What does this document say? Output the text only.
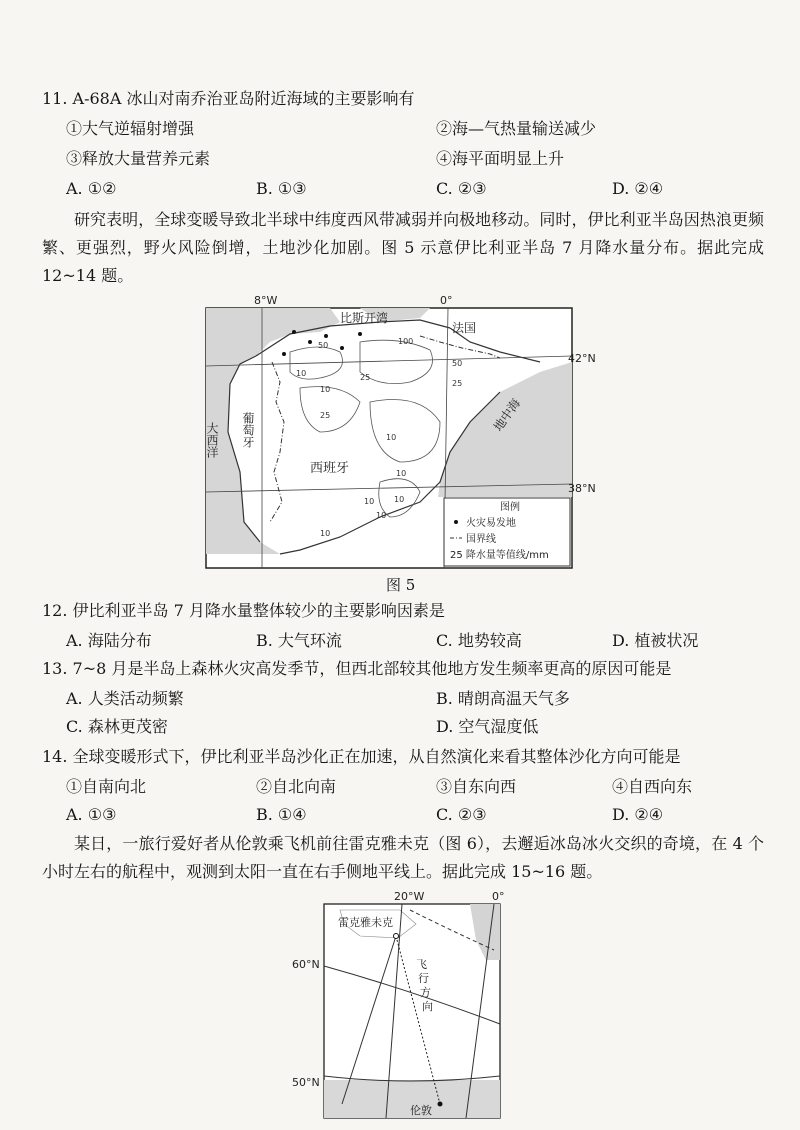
11. A-68A 冰山对南乔治亚岛附近海域的主要影响有
①大气逆辐射增强	②海—气热量输送减少
③释放大量营养元素	④海平面明显上升
A. ①②	B. ①③	C. ②③	D. ②④
研究表明，全球变暖导致北半球中纬度西风带减弱并向极地移动。同时，伊比利亚半岛因热浪更频繁、更强烈，野火风险倒增，土地沙化加剧。图 5 示意伊比利亚半岛 7 月降水量分布。据此完成 12~14 题。
8°W	0°
42°N
38°N
比斯开湾
法国
地中海
大西洋 葡萄牙
西班牙
50	100
50
25
25
10
10
25
10
10
10 10
10
10
图例
火灾易发地
国界线
25 降水量等值线/mm
图 5
12. 伊比利亚半岛 7 月降水量整体较少的主要影响因素是
A. 海陆分布	B. 大气环流	C. 地势较高	D. 植被状况
13. 7~8 月是半岛上森林火灾高发季节，但西北部较其他地方发生频率更高的原因可能是
A. 人类活动频繁	B. 晴朗高温天气多
C. 森林更茂密	D. 空气湿度低
14. 全球变暖形式下，伊比利亚半岛沙化正在加速，从自然演化来看其整体沙化方向可能是
①自南向北	②自北向南	③自东向西	④自西向东
A. ①③	B. ①④	C. ②③	D. ②④
某日，一旅行爱好者从伦敦乘飞机前往雷克雅未克（图 6），去邂逅冰岛冰火交织的奇境，在 4 个小时左右的航程中，观测到太阳一直在右手侧地平线上。据此完成 15~16 题。
20°W	0°
60°N
50°N
雷克雅未克
伦敦
飞
行
方
向
